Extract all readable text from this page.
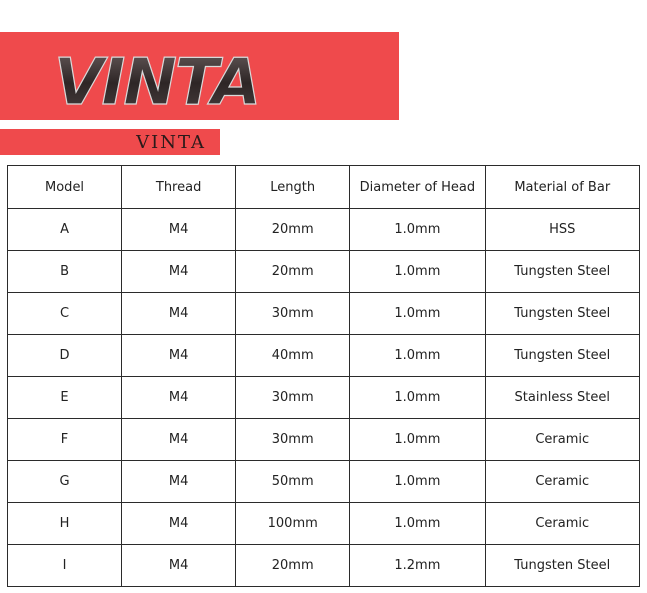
VINTA
VINTA
Model	Thread	Length	Diameter of Head	Material of Bar
A	M4	20mm	1.0mm	HSS
B	M4	20mm	1.0mm	Tungsten Steel
C	M4	30mm	1.0mm	Tungsten Steel
D	M4	40mm	1.0mm	Tungsten Steel
E	M4	30mm	1.0mm	Stainless Steel
F	M4	30mm	1.0mm	Ceramic
G	M4	50mm	1.0mm	Ceramic
H	M4	100mm	1.0mm	Ceramic
I	M4	20mm	1.2mm	Tungsten Steel
